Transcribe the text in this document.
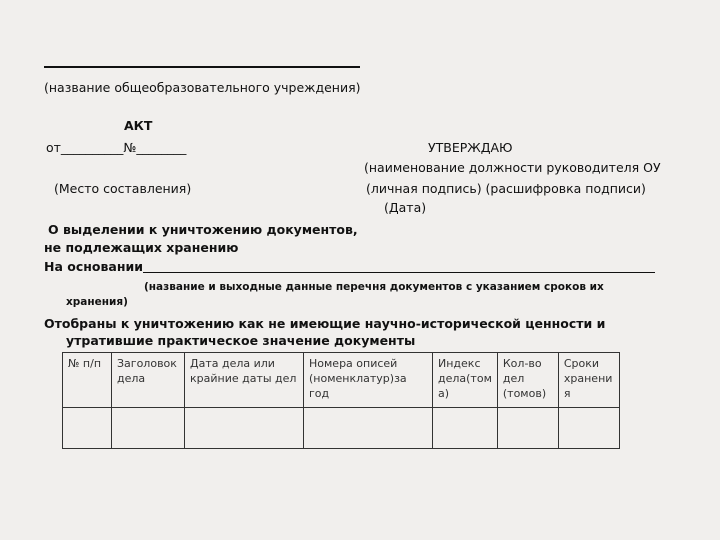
(название общеобразовательного учреждения)
АКТ
от__________№________
(Место составления)
УТВЕРЖДАЮ
(наименование должности руководителя ОУ
(личная подпись) (расшифровка подписи)
(Дата)
О выделении к уничтожению документов,
не подлежащих хранению
На основании
(название и выходные данные перечня документов с указанием сроков их
хранения)
Отобраны к уничтожению как не имеющие научно-исторической ценности и
утратившие практическое значение документы
№ п/п	Заголовок дела	Дата дела или крайние даты дел	Номера описей (номенклатур)за год	Индекс дела(том а)	Кол-во дел (томов)	Сроки хранени я
